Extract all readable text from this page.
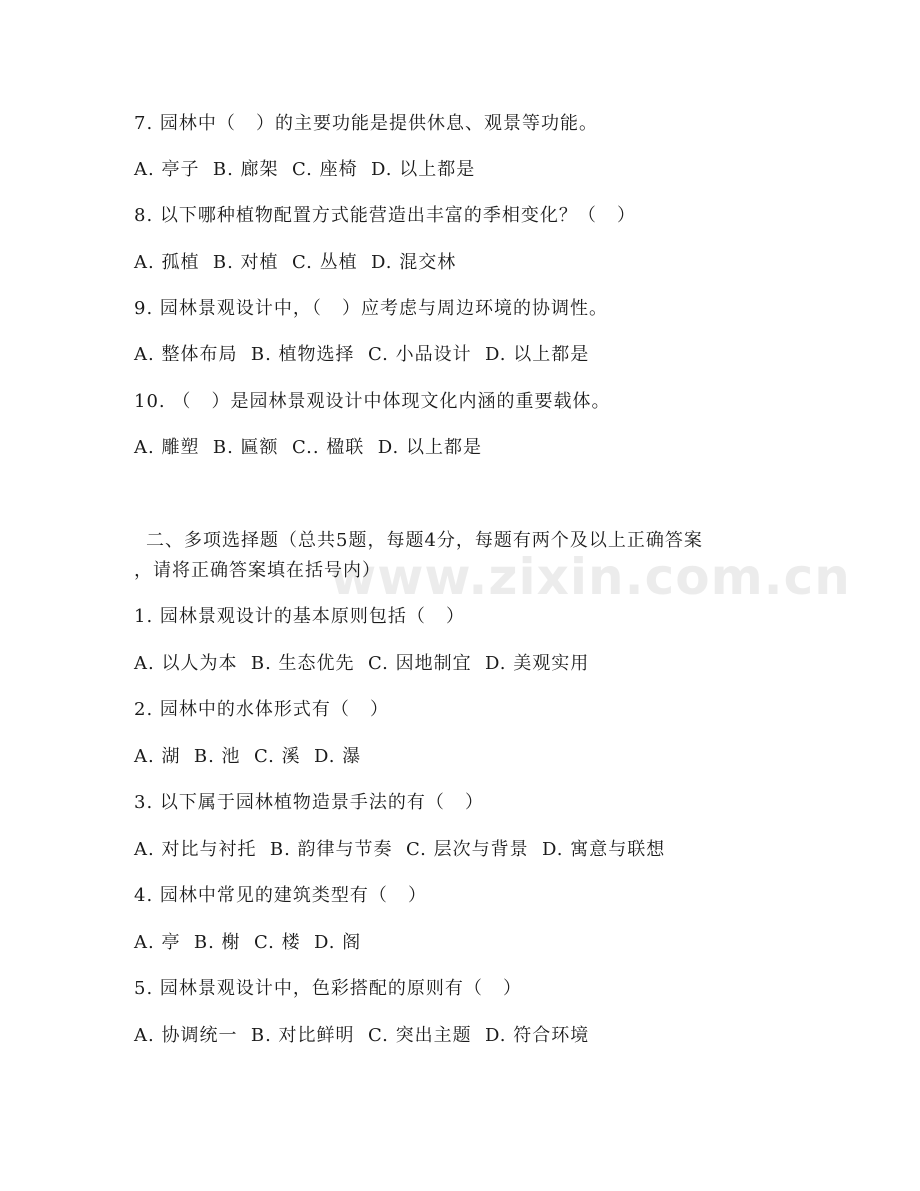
www.zixin.com.cn
7. 园林中（   ）的主要功能是提供休息、观景等功能。
A. 亭子  B. 廊架  C. 座椅  D. 以上都是
8. 以下哪种植物配置方式能营造出丰富的季相变化？（   ）
A. 孤植  B. 对植  C. 丛植  D. 混交林
9. 园林景观设计中，（   ）应考虑与周边环境的协调性。
A. 整体布局  B. 植物选择  C. 小品设计  D. 以上都是
10. （   ）是园林景观设计中体现文化内涵的重要载体。
A. 雕塑  B. 匾额  C.. 楹联  D. 以上都是
二、多项选择题（总共5题，每题4分，每题有两个及以上正确答案
，请将正确答案填在括号内）
1. 园林景观设计的基本原则包括（   ）
A. 以人为本  B. 生态优先  C. 因地制宜  D. 美观实用
2. 园林中的水体形式有（   ）
A. 湖  B. 池  C. 溪  D. 瀑
3. 以下属于园林植物造景手法的有（   ）
A. 对比与衬托  B. 韵律与节奏  C. 层次与背景  D. 寓意与联想
4. 园林中常见的建筑类型有（   ）
A. 亭  B. 榭  C. 楼  D. 阁
5. 园林景观设计中，色彩搭配的原则有（   ）
A. 协调统一  B. 对比鲜明  C. 突出主题  D. 符合环境
